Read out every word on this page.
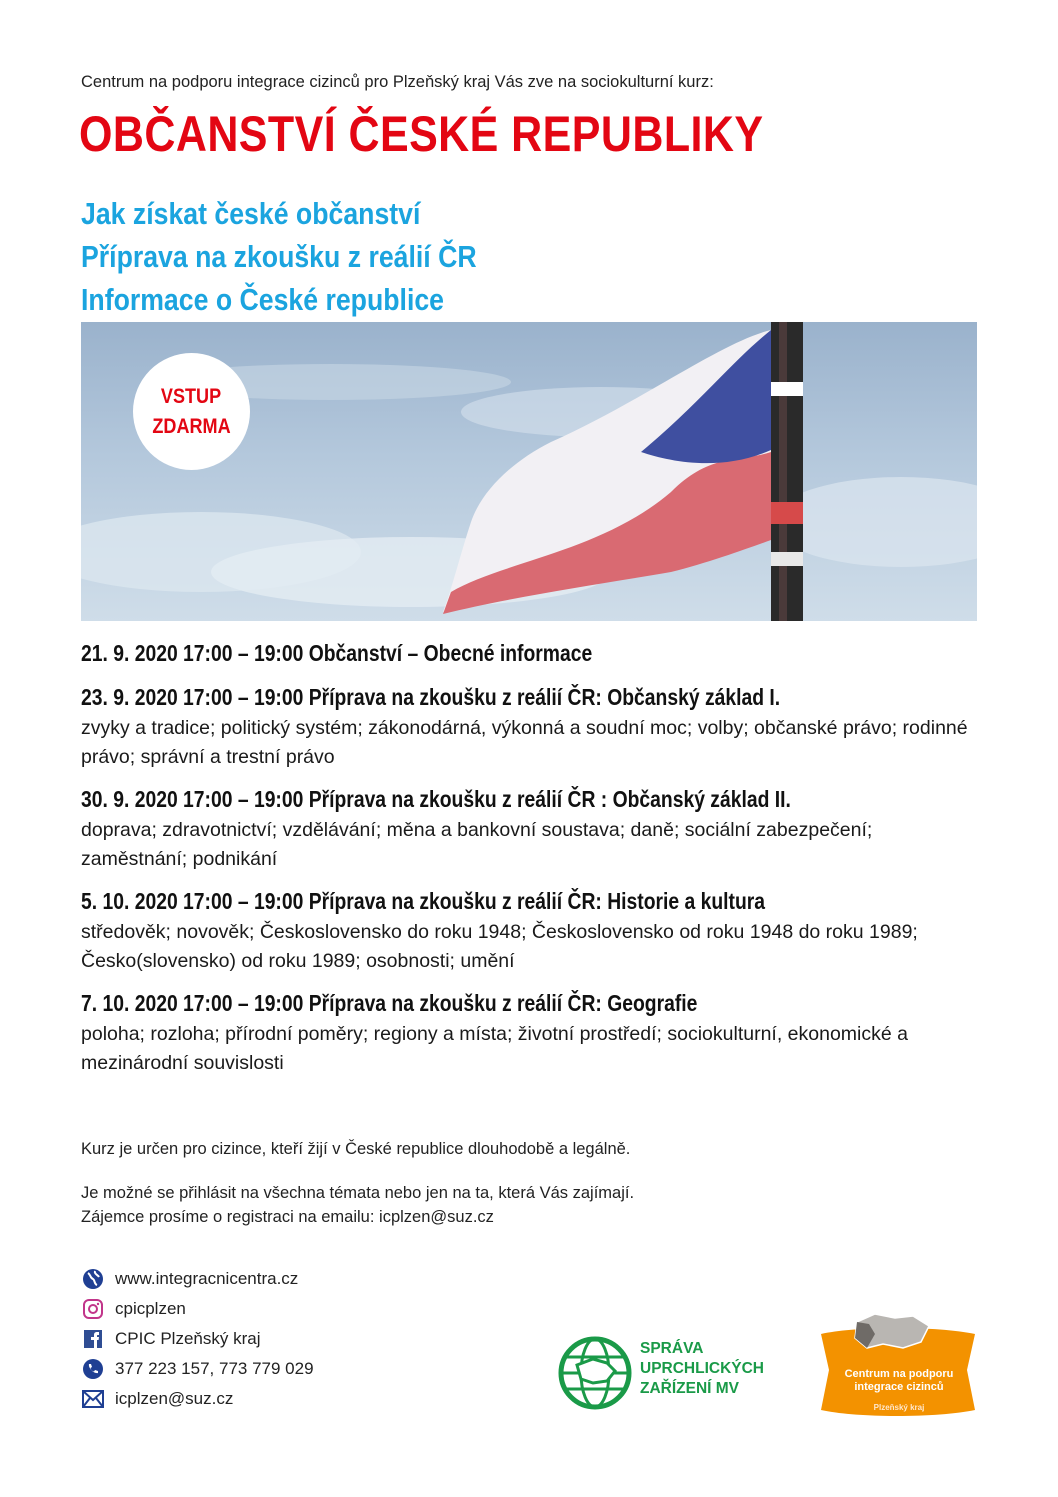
Centrum na podporu integrace cizinců pro Plzeňský kraj Vás zve na sociokulturní kurz:
OBČANSTVÍ ČESKÉ REPUBLIKY
Jak získat české občanství
Příprava na zkoušku z reálií ČR
Informace o České republice
VSTUP
ZDARMA
21. 9. 2020 17:00 – 19:00 Občanství – Obecné informace
23. 9. 2020 17:00 – 19:00 Příprava na zkoušku z reálií ČR: Občanský základ I.
zvyky a tradice; politický systém; zákonodárná, výkonná a soudní moc; volby; občanské právo; rodinné právo; správní a trestní právo
30. 9. 2020 17:00 – 19:00 Příprava na zkoušku z reálií ČR : Občanský základ II.
doprava; zdravotnictví; vzdělávání; měna a bankovní soustava; daně; sociální zabezpečení; zaměstnání; podnikání
5. 10. 2020 17:00 – 19:00 Příprava na zkoušku z reálií ČR: Historie a kultura
středověk; novověk; Československo do roku 1948; Československo od roku 1948 do roku 1989; Česko(slovensko) od roku 1989; osobnosti; umění
7. 10. 2020 17:00 – 19:00 Příprava na zkoušku z reálií ČR: Geografie
poloha; rozloha; přírodní poměry; regiony a místa; životní prostředí; sociokulturní, ekonomické a mezinárodní souvislosti

Kurz je určen pro cizince, kteří žijí v České republice dlouhodobě a legálně.

Je možné se přihlásit na všechna témata nebo jen na ta, která Vás zajímají.

Zájemce prosíme o registraci na emailu: icplzen@suz.cz

www.integracnicentra.cz
cpicplzen
CPIC Plzeňský kraj
377 223 157, 773 779 029
icplzen@suz.cz
SPRÁVA
UPRCHLICKÝCH
ZAŘÍZENÍ MV
Centrum na podporu integrace cizinců
Plzeňský kraj
